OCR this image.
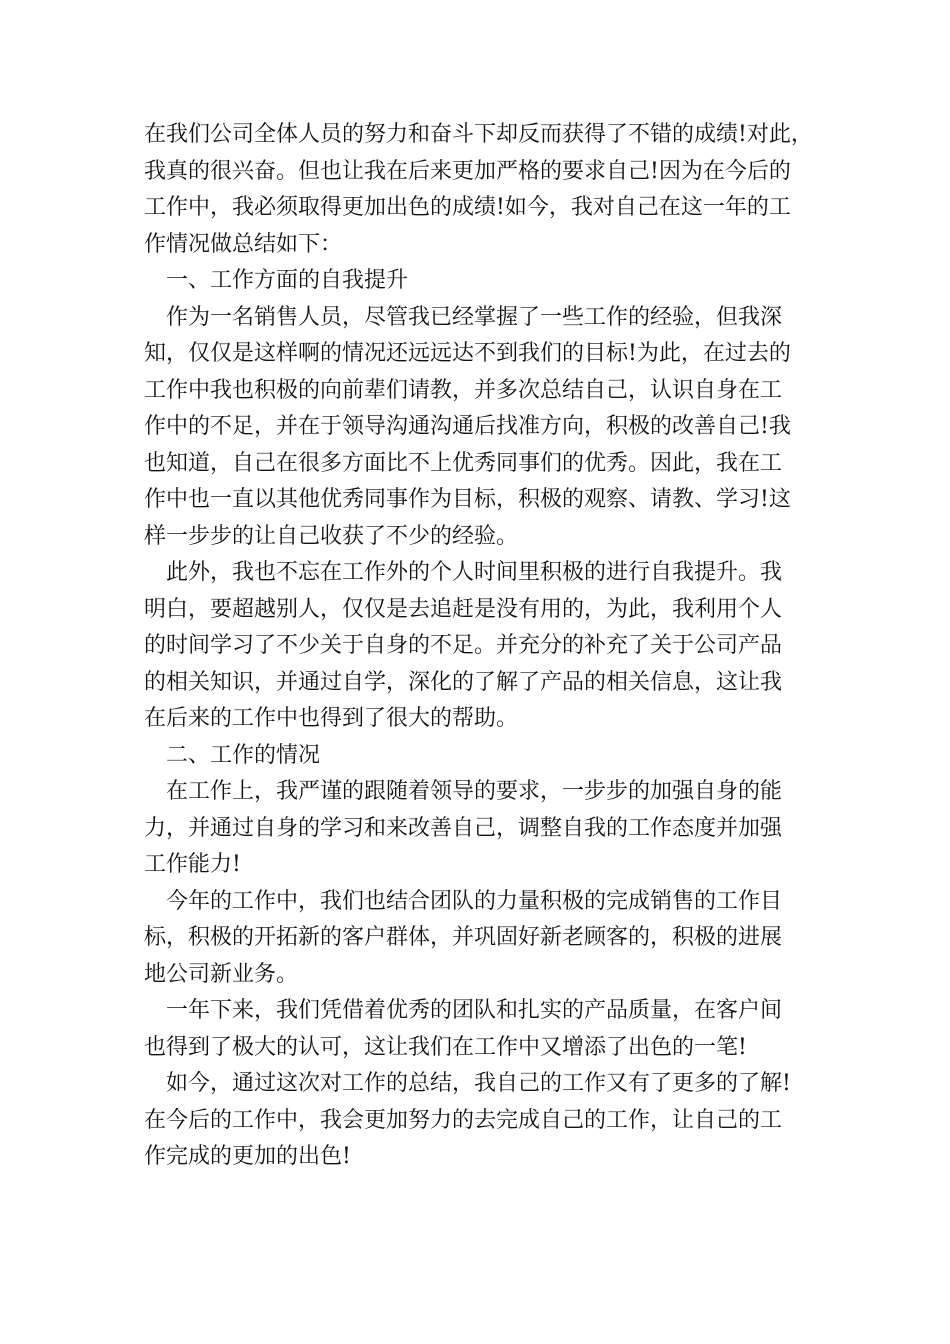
在我们公司全体人员的努力和奋斗下却反而获得了不错的成绩!对此，
我真的很兴奋。但也让我在后来更加严格的要求自己!因为在今后的
工作中，我必须取得更加出色的成绩!如今，我对自己在这一年的工
作情况做总结如下：
一、工作方面的自我提升
作为一名销售人员，尽管我已经掌握了一些工作的经验，但我深
知，仅仅是这样啊的情况还远远达不到我们的目标!为此，在过去的
工作中我也积极的向前辈们请教，并多次总结自己，认识自身在工
作中的不足，并在于领导沟通沟通后找准方向，积极的改善自己!我
也知道，自己在很多方面比不上优秀同事们的优秀。因此，我在工
作中也一直以其他优秀同事作为目标，积极的观察、请教、学习!这
样一步步的让自己收获了不少的经验。
此外，我也不忘在工作外的个人时间里积极的进行自我提升。我
明白，要超越别人，仅仅是去追赶是没有用的，为此，我利用个人
的时间学习了不少关于自身的不足。并充分的补充了关于公司产品
的相关知识，并通过自学，深化的了解了产品的相关信息，这让我
在后来的工作中也得到了很大的帮助。
二、工作的情况
在工作上，我严谨的跟随着领导的要求，一步步的加强自身的能
力，并通过自身的学习和来改善自己，调整自我的工作态度并加强
工作能力!
今年的工作中，我们也结合团队的力量积极的完成销售的工作目
标，积极的开拓新的客户群体，并巩固好新老顾客的，积极的进展
地公司新业务。
一年下来，我们凭借着优秀的团队和扎实的产品质量，在客户间
也得到了极大的认可，这让我们在工作中又增添了出色的一笔!
如今，通过这次对工作的总结，我自己的工作又有了更多的了解!
在今后的工作中，我会更加努力的去完成自己的工作，让自己的工
作完成的更加的出色!
